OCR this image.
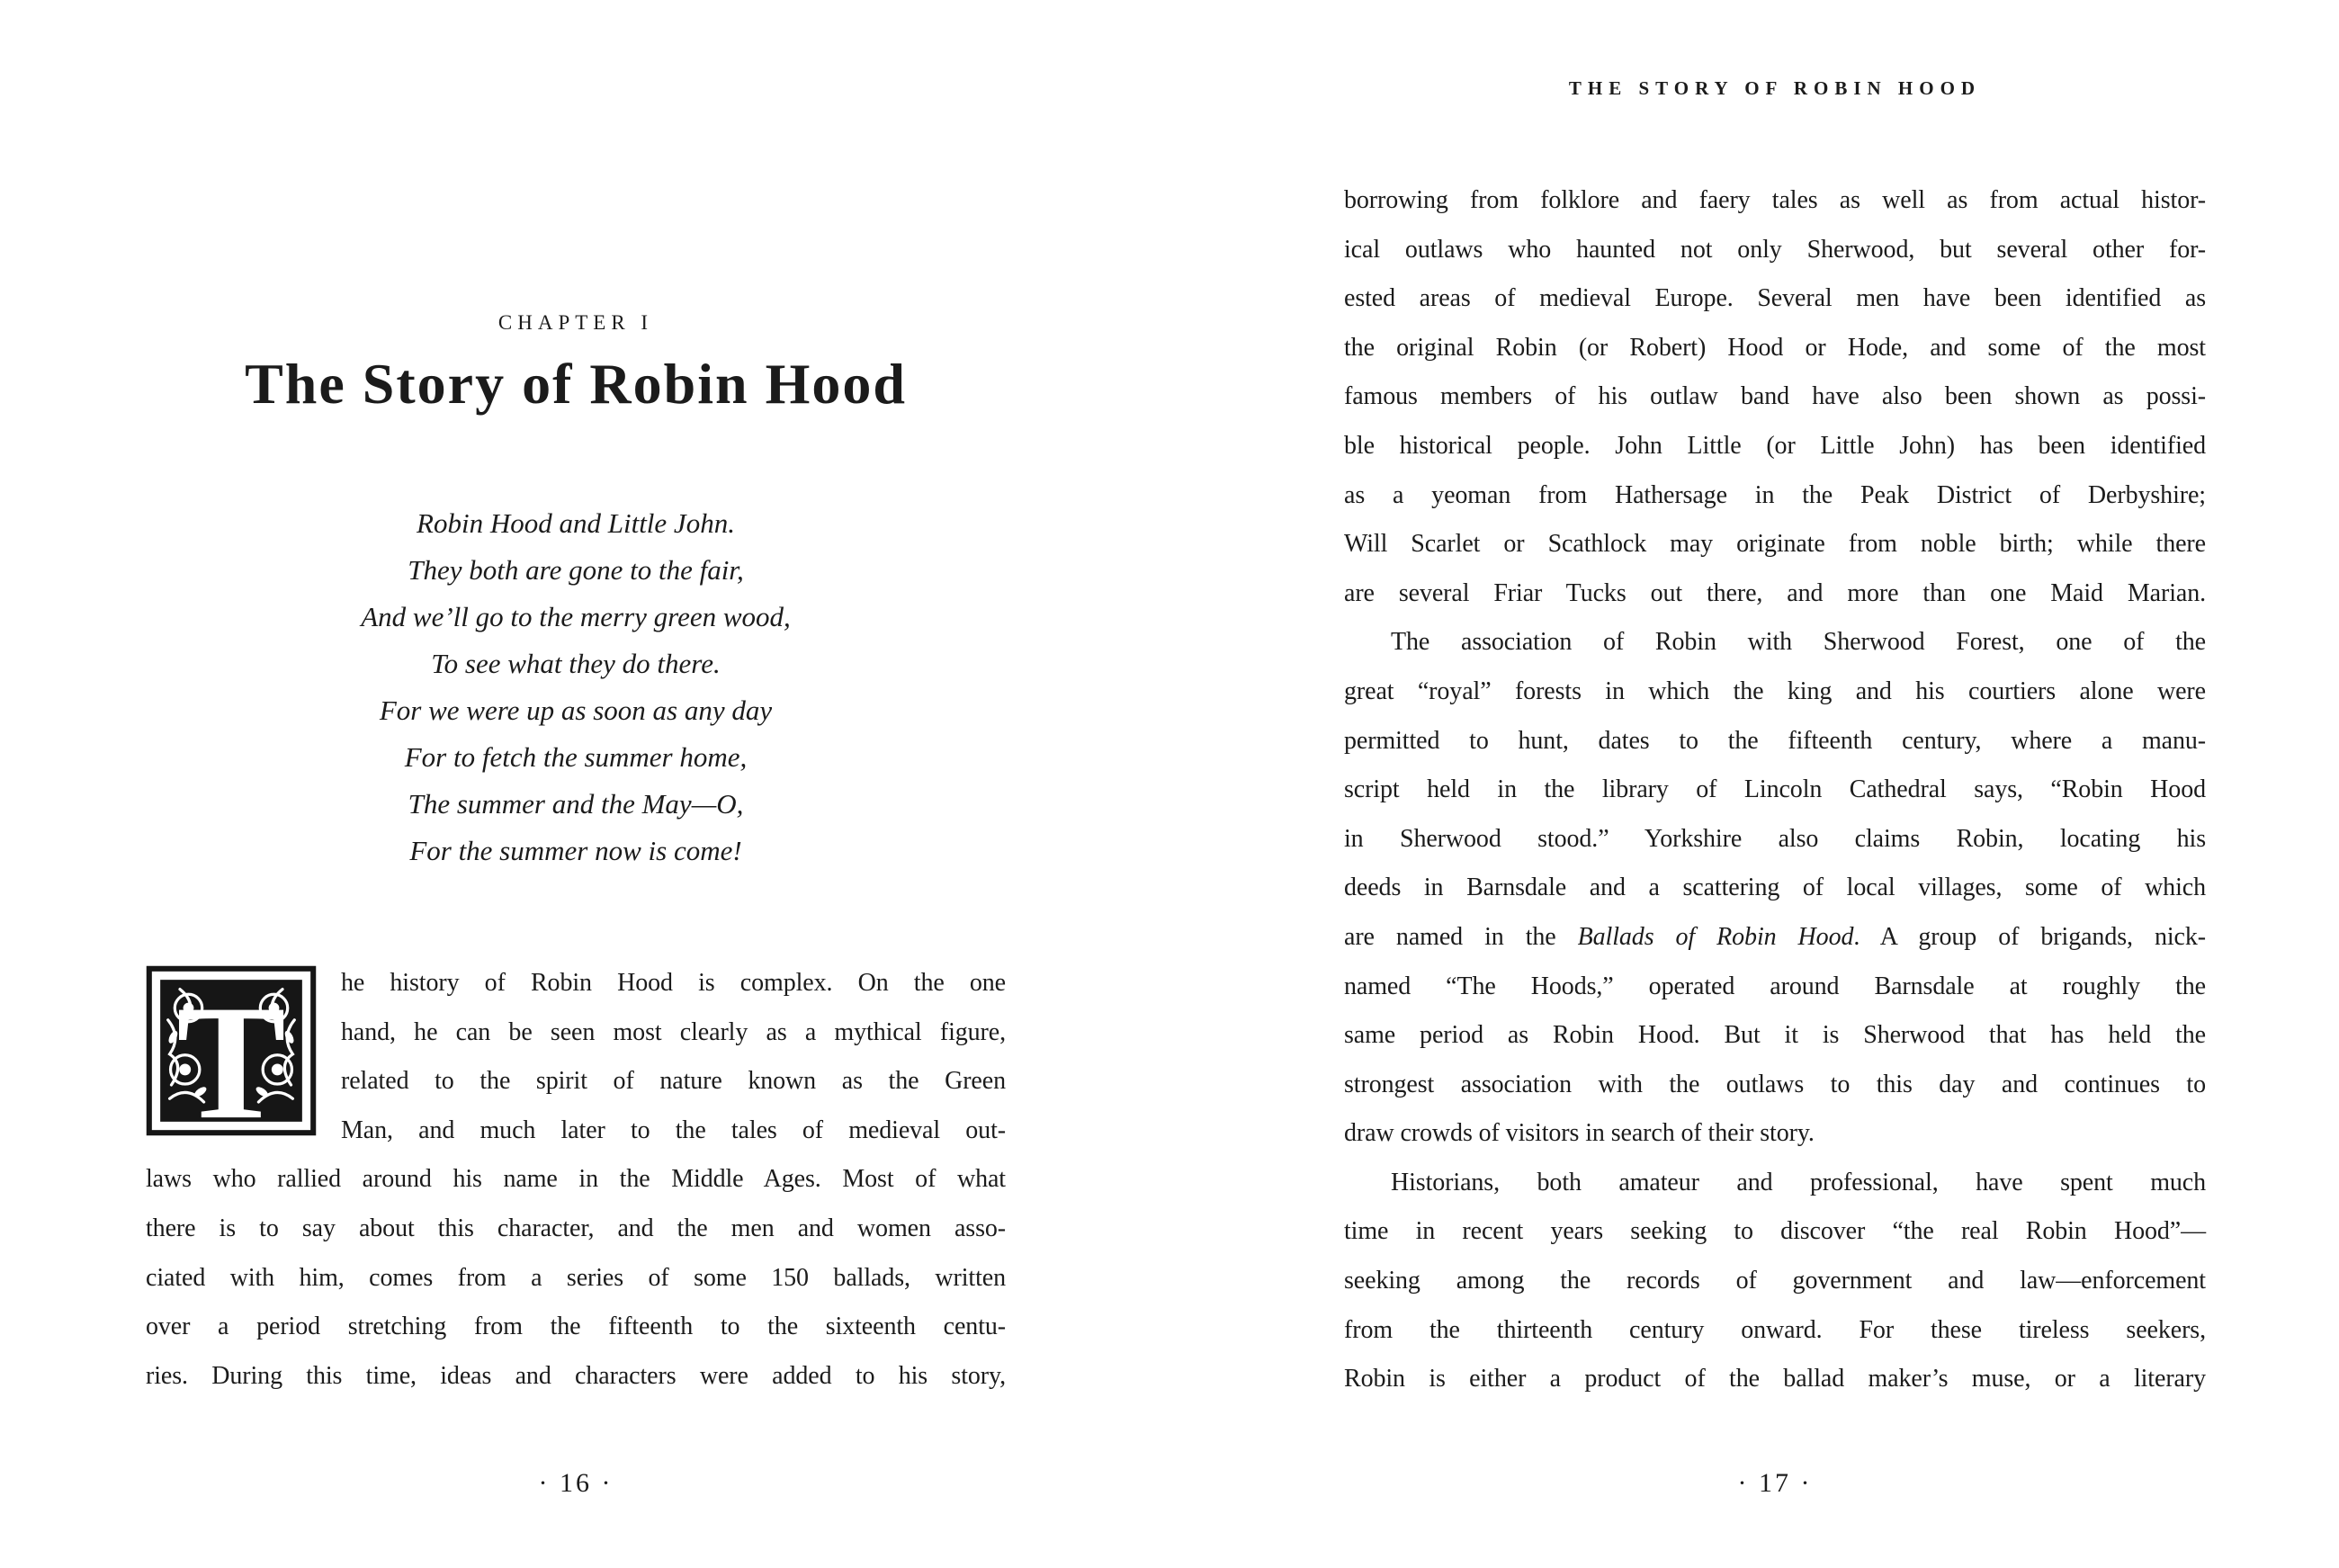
CHAPTER I
The Story of Robin Hood
Robin Hood and Little John.
They both are gone to the fair,
And we’ll go to the merry green wood,
To see what they do there.
For we were up as soon as any day
For to fetch the summer home,
The summer and the May—O,
For the summer now is come!
T	he history of Robin Hood is complex. On the one
hand, he can be seen most clearly as a mythical figure,
related to the spirit of nature known as the Green
Man, and much later to the tales of medieval out-
laws who rallied around his name in the Middle Ages. Most of what
there is to say about this character, and the men and women asso-
ciated with him, comes from a series of some 150 ballads, written
over a period stretching from the fifteenth to the sixteenth centu-
ries. During this time, ideas and characters were added to his story,
· 16 ·
THE STORY OF ROBIN HOOD
borrowing from folklore and faery tales as well as from actual histor-
ical outlaws who haunted not only Sherwood, but several other for-
ested areas of medieval Europe. Several men have been identified as
the original Robin (or Robert) Hood or Hode, and some of the most
famous members of his outlaw band have also been shown as possi-
ble historical people. John Little (or Little John) has been identified
as a yeoman from Hathersage in the Peak District of Derbyshire;
Will Scarlet or Scathlock may originate from noble birth; while there
are several Friar Tucks out there, and more than one Maid Marian.
The association of Robin with Sherwood Forest, one of the
great “royal” forests in which the king and his courtiers alone were
permitted to hunt, dates to the fifteenth century, where a manu-
script held in the library of Lincoln Cathedral says, “Robin Hood
in Sherwood stood.” Yorkshire also claims Robin, locating his
deeds in Barnsdale and a scattering of local villages, some of which
are named in the Ballads of Robin Hood. A group of brigands, nick-
named “The Hoods,” operated around Barnsdale at roughly the
same period as Robin Hood. But it is Sherwood that has held the
strongest association with the outlaws to this day and continues to
draw crowds of visitors in search of their story.
Historians, both amateur and professional, have spent much
time in recent years seeking to discover “the real Robin Hood”—
seeking among the records of government and law—enforcement
from the thirteenth century onward. For these tireless seekers,
Robin is either a product of the ballad maker’s muse, or a literary
· 17 ·
